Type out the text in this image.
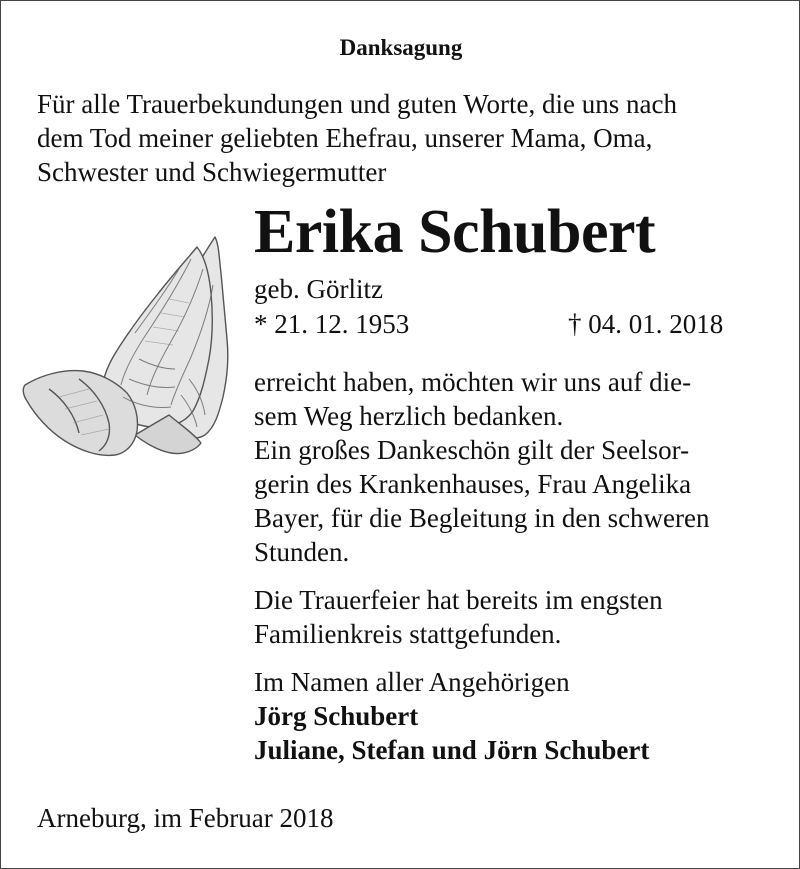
Danksagung
Für alle Trauerbekundungen und guten Worte, die uns nach
dem Tod meiner geliebten Ehefrau, unserer Mama, Oma,
Schwester und Schwiegermutter
Erika Schubert
geb. Görlitz
* 21. 12. 1953	† 04. 01. 2018
erreicht haben, möchten wir uns auf die-
sem Weg herzlich bedanken.
Ein großes Dankeschön gilt der Seelsor-
gerin des Krankenhauses, Frau Angelika
Bayer, für die Begleitung in den schweren
Stunden.
Die Trauerfeier hat bereits im engsten
Familienkreis stattgefunden.
Im Namen aller Angehörigen
Jörg Schubert
Juliane, Stefan und Jörn Schubert
Arneburg, im Februar 2018
